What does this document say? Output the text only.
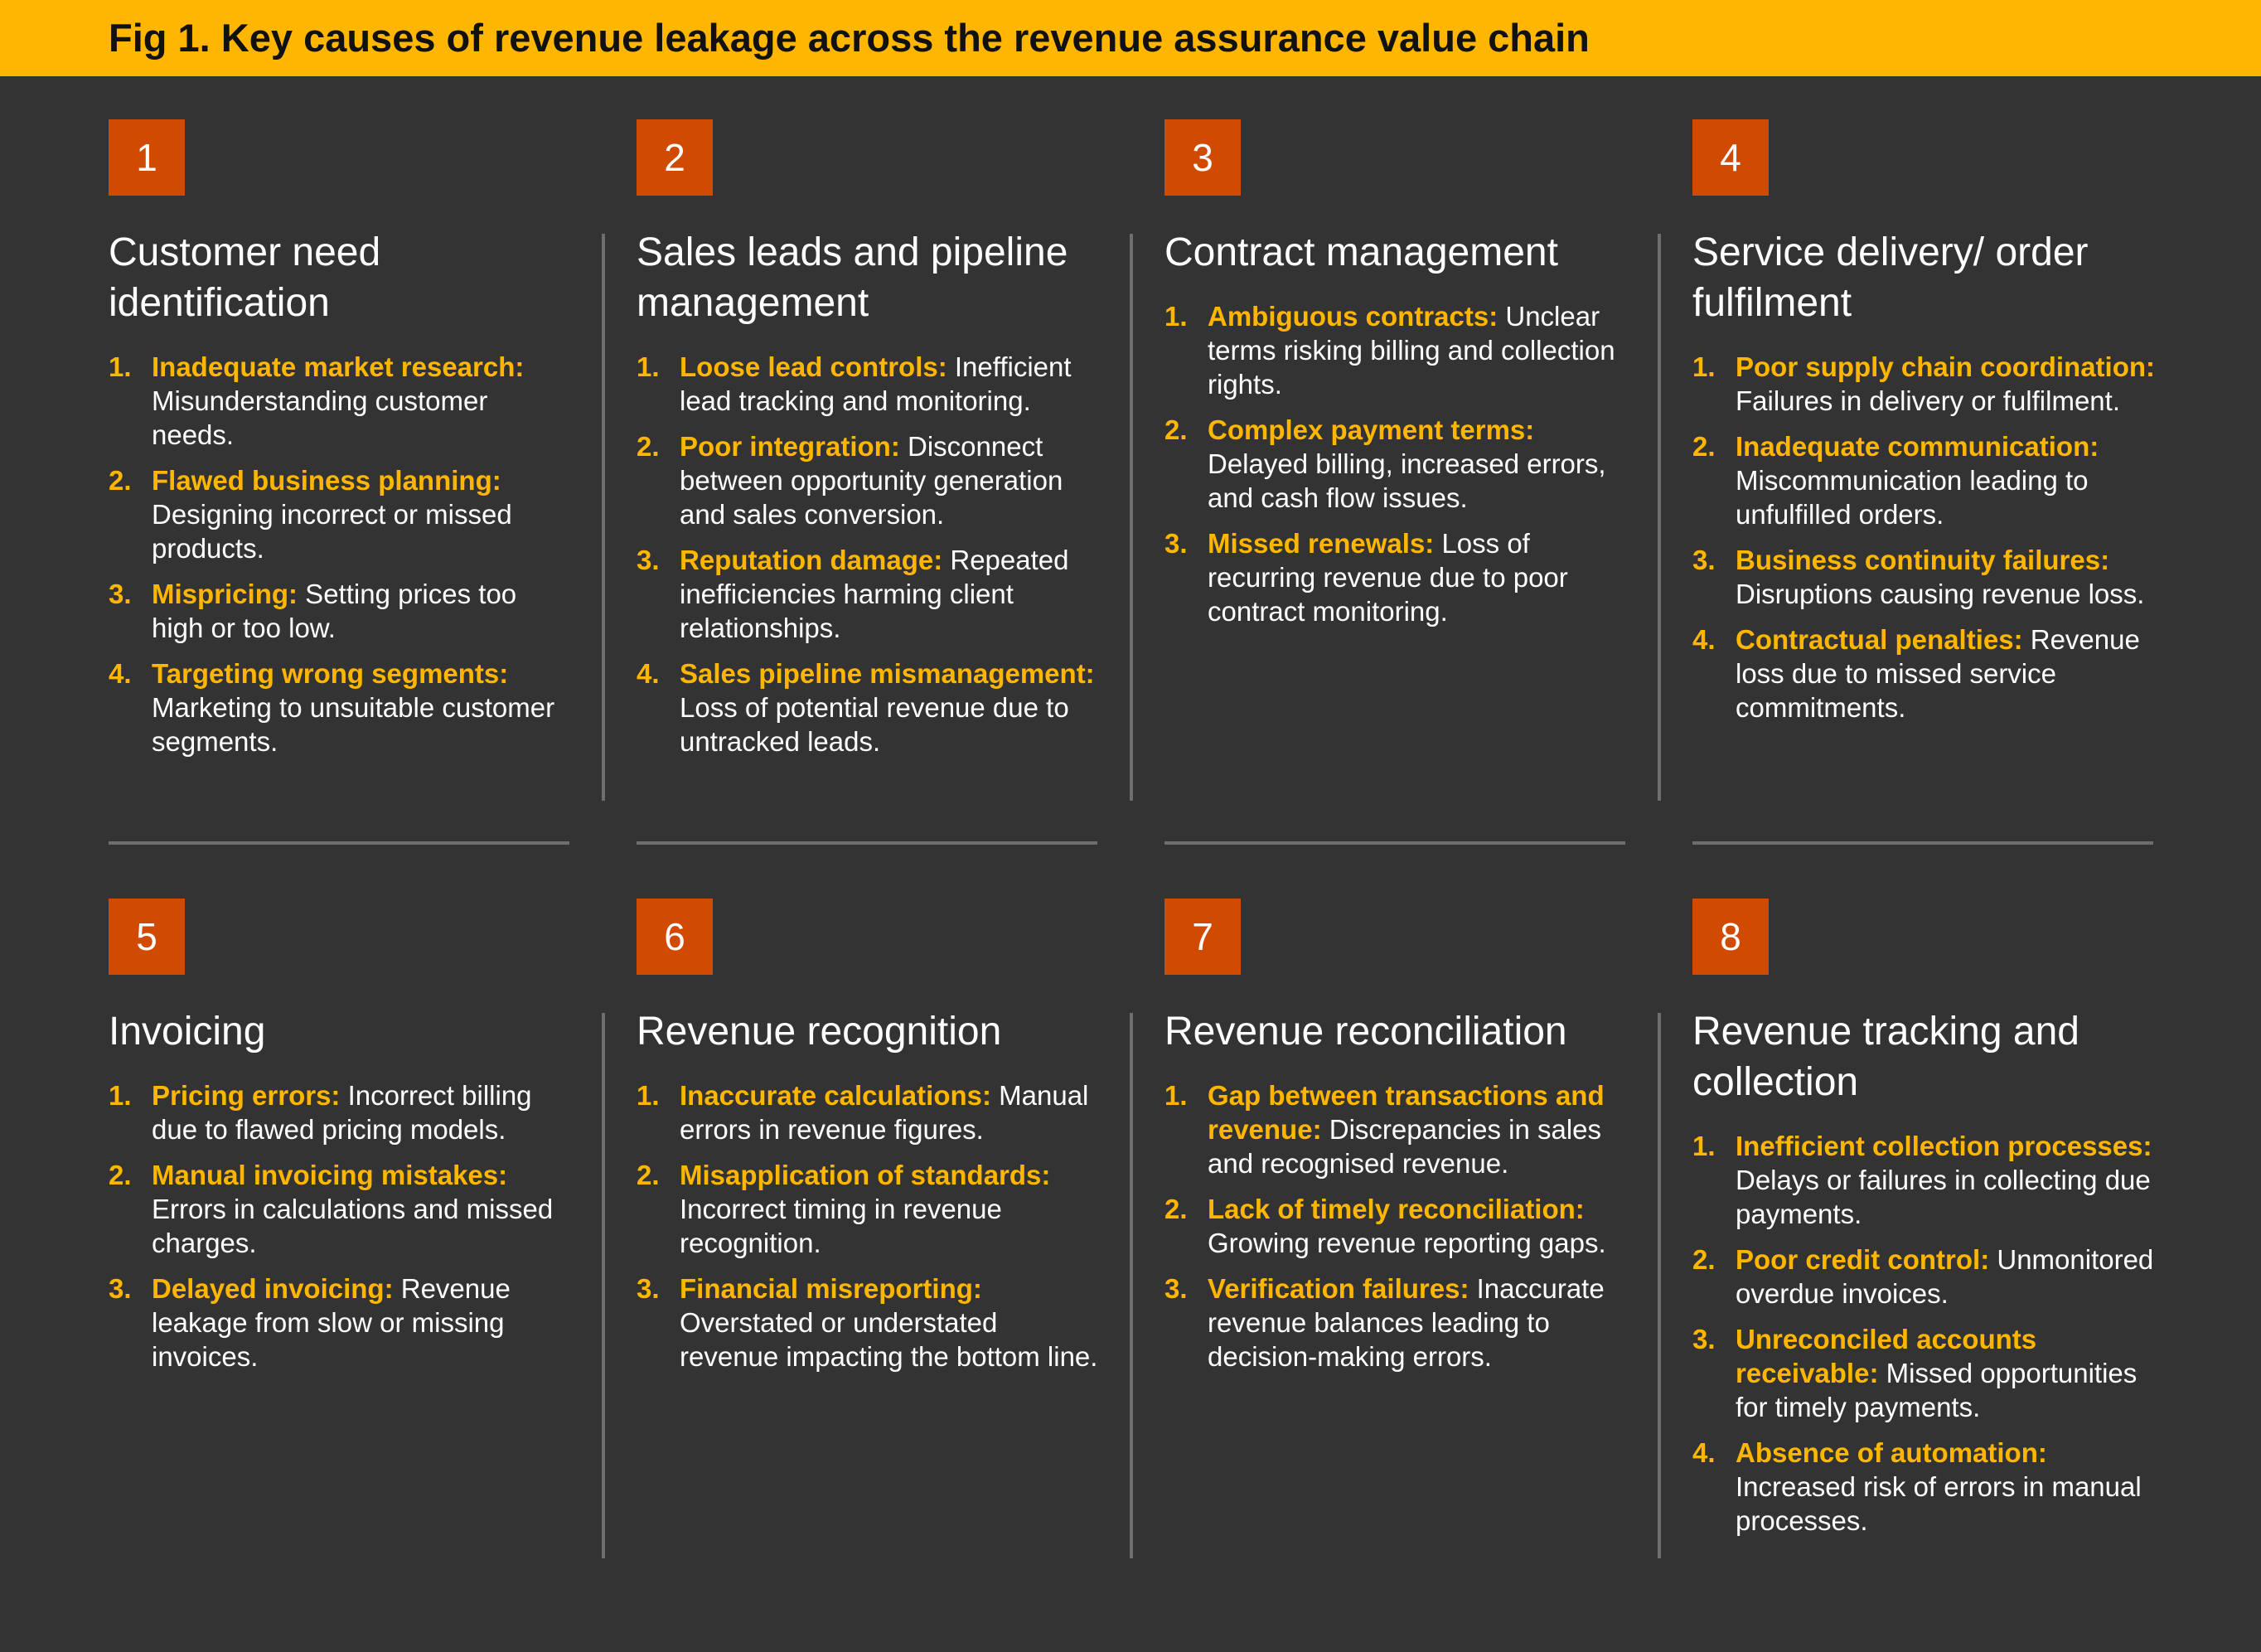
Fig 1. Key causes of revenue leakage across the revenue assurance value chain
1
Customer need identification
1. Inadequate market research: Misunderstanding customer needs.
2. Flawed business planning: Designing incorrect or missed products.
3. Mispricing: Setting prices too high or too low.
4. Targeting wrong segments: Marketing to unsuitable customer segments.
2
Sales leads and pipeline management
1. Loose lead controls: Inefficient lead tracking and monitoring.
2. Poor integration: Disconnect between opportunity generation and sales conversion.
3. Reputation damage: Repeated inefficiencies harming client relationships.
4. Sales pipeline mismanagement: Loss of potential revenue due to untracked leads.
3
Contract management
1. Ambiguous contracts: Unclear terms risking billing and collection rights.
2. Complex payment terms: Delayed billing, increased errors, and cash flow issues.
3. Missed renewals: Loss of recurring revenue due to poor contract monitoring.
4
Service delivery/ order fulfilment
1. Poor supply chain coordination: Failures in delivery or fulfilment.
2. Inadequate communication: Miscommunication leading to unfulfilled orders.
3. Business continuity failures: Disruptions causing revenue loss.
4. Contractual penalties: Revenue loss due to missed service commitments.
5
Invoicing
1. Pricing errors: Incorrect billing due to flawed pricing models.
2. Manual invoicing mistakes: Errors in calculations and missed charges.
3. Delayed invoicing: Revenue leakage from slow or missing invoices.
6
Revenue recognition
1. Inaccurate calculations: Manual errors in revenue figures.
2. Misapplication of standards: Incorrect timing in revenue recognition.
3. Financial misreporting: Overstated or understated revenue impacting the bottom line.
7
Revenue reconciliation
1. Gap between transactions and revenue: Discrepancies in sales and recognised revenue.
2. Lack of timely reconciliation: Growing revenue reporting gaps.
3. Verification failures: Inaccurate revenue balances leading to decision-making errors.
8
Revenue tracking and collection
1. Inefficient collection processes: Delays or failures in collecting due payments.
2. Poor credit control: Unmonitored overdue invoices.
3. Unreconciled accounts receivable: Missed opportunities for timely payments.
4. Absence of automation: Increased risk of errors in manual processes.
